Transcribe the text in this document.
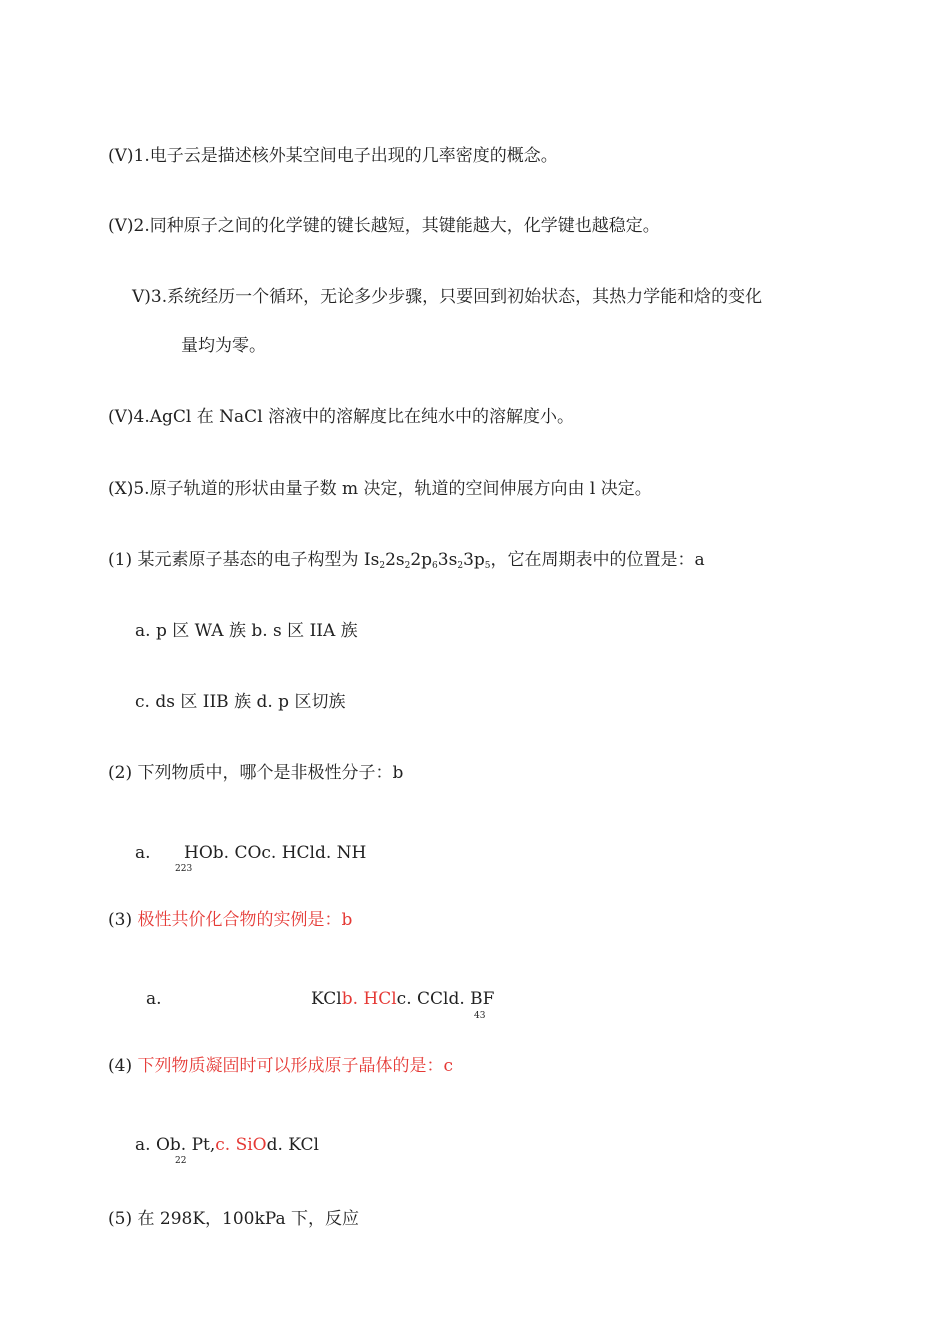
(V)1.电子云是描述核外某空间电子出现的几率密度的概念。
(V)2.同种原子之间的化学键的键长越短，其键能越大，化学键也越稳定。
V)3.系统经历一个循环，无论多少步骤，只要回到初始状态，其热力学能和焓的变化
量均为零。
(V)4.AgCl 在 NaCl 溶液中的溶解度比在纯水中的溶解度小。
(X)5.原子轨道的形状由量子数 m 决定，轨道的空间伸展方向由 l 决定。
(1) 某元素原子基态的电子构型为 Is22s22p63s23p5，它在周期表中的位置是：a
a. p 区 WA 族 b. s 区 IIA 族
c. ds 区 IIB 族 d. p 区切族
(2) 下列物质中，哪个是非极性分子：b
a. HOb. COc. HCld. NH
223
(3) 极性共价化合物的实例是：b
a.	KClb. HClc. CCld. BF
43
(4) 下列物质凝固时可以形成原子晶体的是：c
a. Ob. Pt,c. SiOd. KCl
22
(5) 在 298K，100kPa 下，反应
